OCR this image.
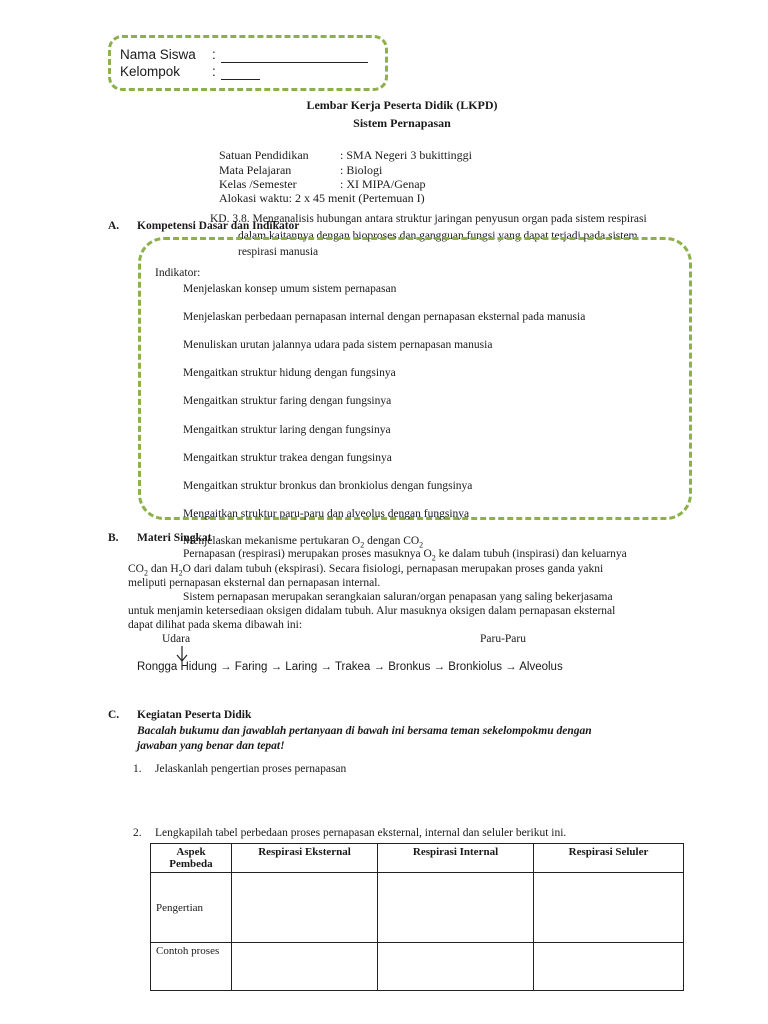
Nama Siswa :
Kelompok :
Lembar Kerja Peserta Didik (LKPD)
Sistem Pernapasan
Satuan Pendidikan	: SMA Negeri 3 bukittinggi
Mata Pelajaran	: Biologi
Kelas /Semester	: XI MIPA/Genap
Alokasi waktu: 2 x 45 menit (Pertemuan I)
A. Kompetensi Dasar dan Indikator
KD. 3.8. Menganalisis hubungan antara struktur jaringan penyusun organ pada sistem respirasi
dalam kaitannya dengan bioproses dan gangguan fungsi yang dapat terjadi pada sistem
respirasi manusia
Indikator:
Menjelaskan konsep umum sistem pernapasan
Menjelaskan perbedaan pernapasan internal dengan pernapasan eksternal pada manusia
Menuliskan urutan jalannya udara pada sistem pernapasan manusia
Mengaitkan struktur hidung dengan fungsinya
Mengaitkan struktur faring dengan fungsinya
Mengaitkan struktur laring dengan fungsinya
Mengaitkan struktur trakea dengan fungsinya
Mengaitkan struktur bronkus dan bronkiolus dengan fungsinya
Mengaitkan struktur paru-paru dan alveolus dengan fungsinya
B. Materi Singkat
Menjelaskan mekanisme pertukaran $O_2$ dengan $CO_2$
Pernapasan (respirasi) merupakan proses masuknya $O_2$ ke dalam tubuh (inspirasi) dan keluarnya
$CO_2$ dan $H_2O$ dari dalam tubuh (ekspirasi). Secara fisiologi, pernapasan merupakan proses ganda yakni
meliputi pernapasan eksternal dan pernapasan internal.
Sistem pernapasan merupakan serangkaian saluran/organ penapasan yang saling bekerjasama
untuk menjamin ketersediaan oksigen didalam tubuh. Alur masuknya oksigen dalam pernapasan eksternal
dapat dilihat pada skema dibawah ini:
Udara	Paru-Paru
Rongga Hidung → Faring → Laring → Trakea → Bronkus → Bronkiolus → Alveolus
C. Kegiatan Peserta Didik
Bacalah bukumu dan jawablah pertanyaan di bawah ini bersama teman sekelompokmu dengan
jawaban yang benar dan tepat!
1. Jelaskanlah pengertian proses pernapasan
2. Lengkapilah tabel perbedaan proses pernapasan eksternal, internal dan seluler berikut ini.
Aspek Pembeda	Respirasi Eksternal	Respirasi Internal	Respirasi Seluler
Pengertian			
Contoh proses			
